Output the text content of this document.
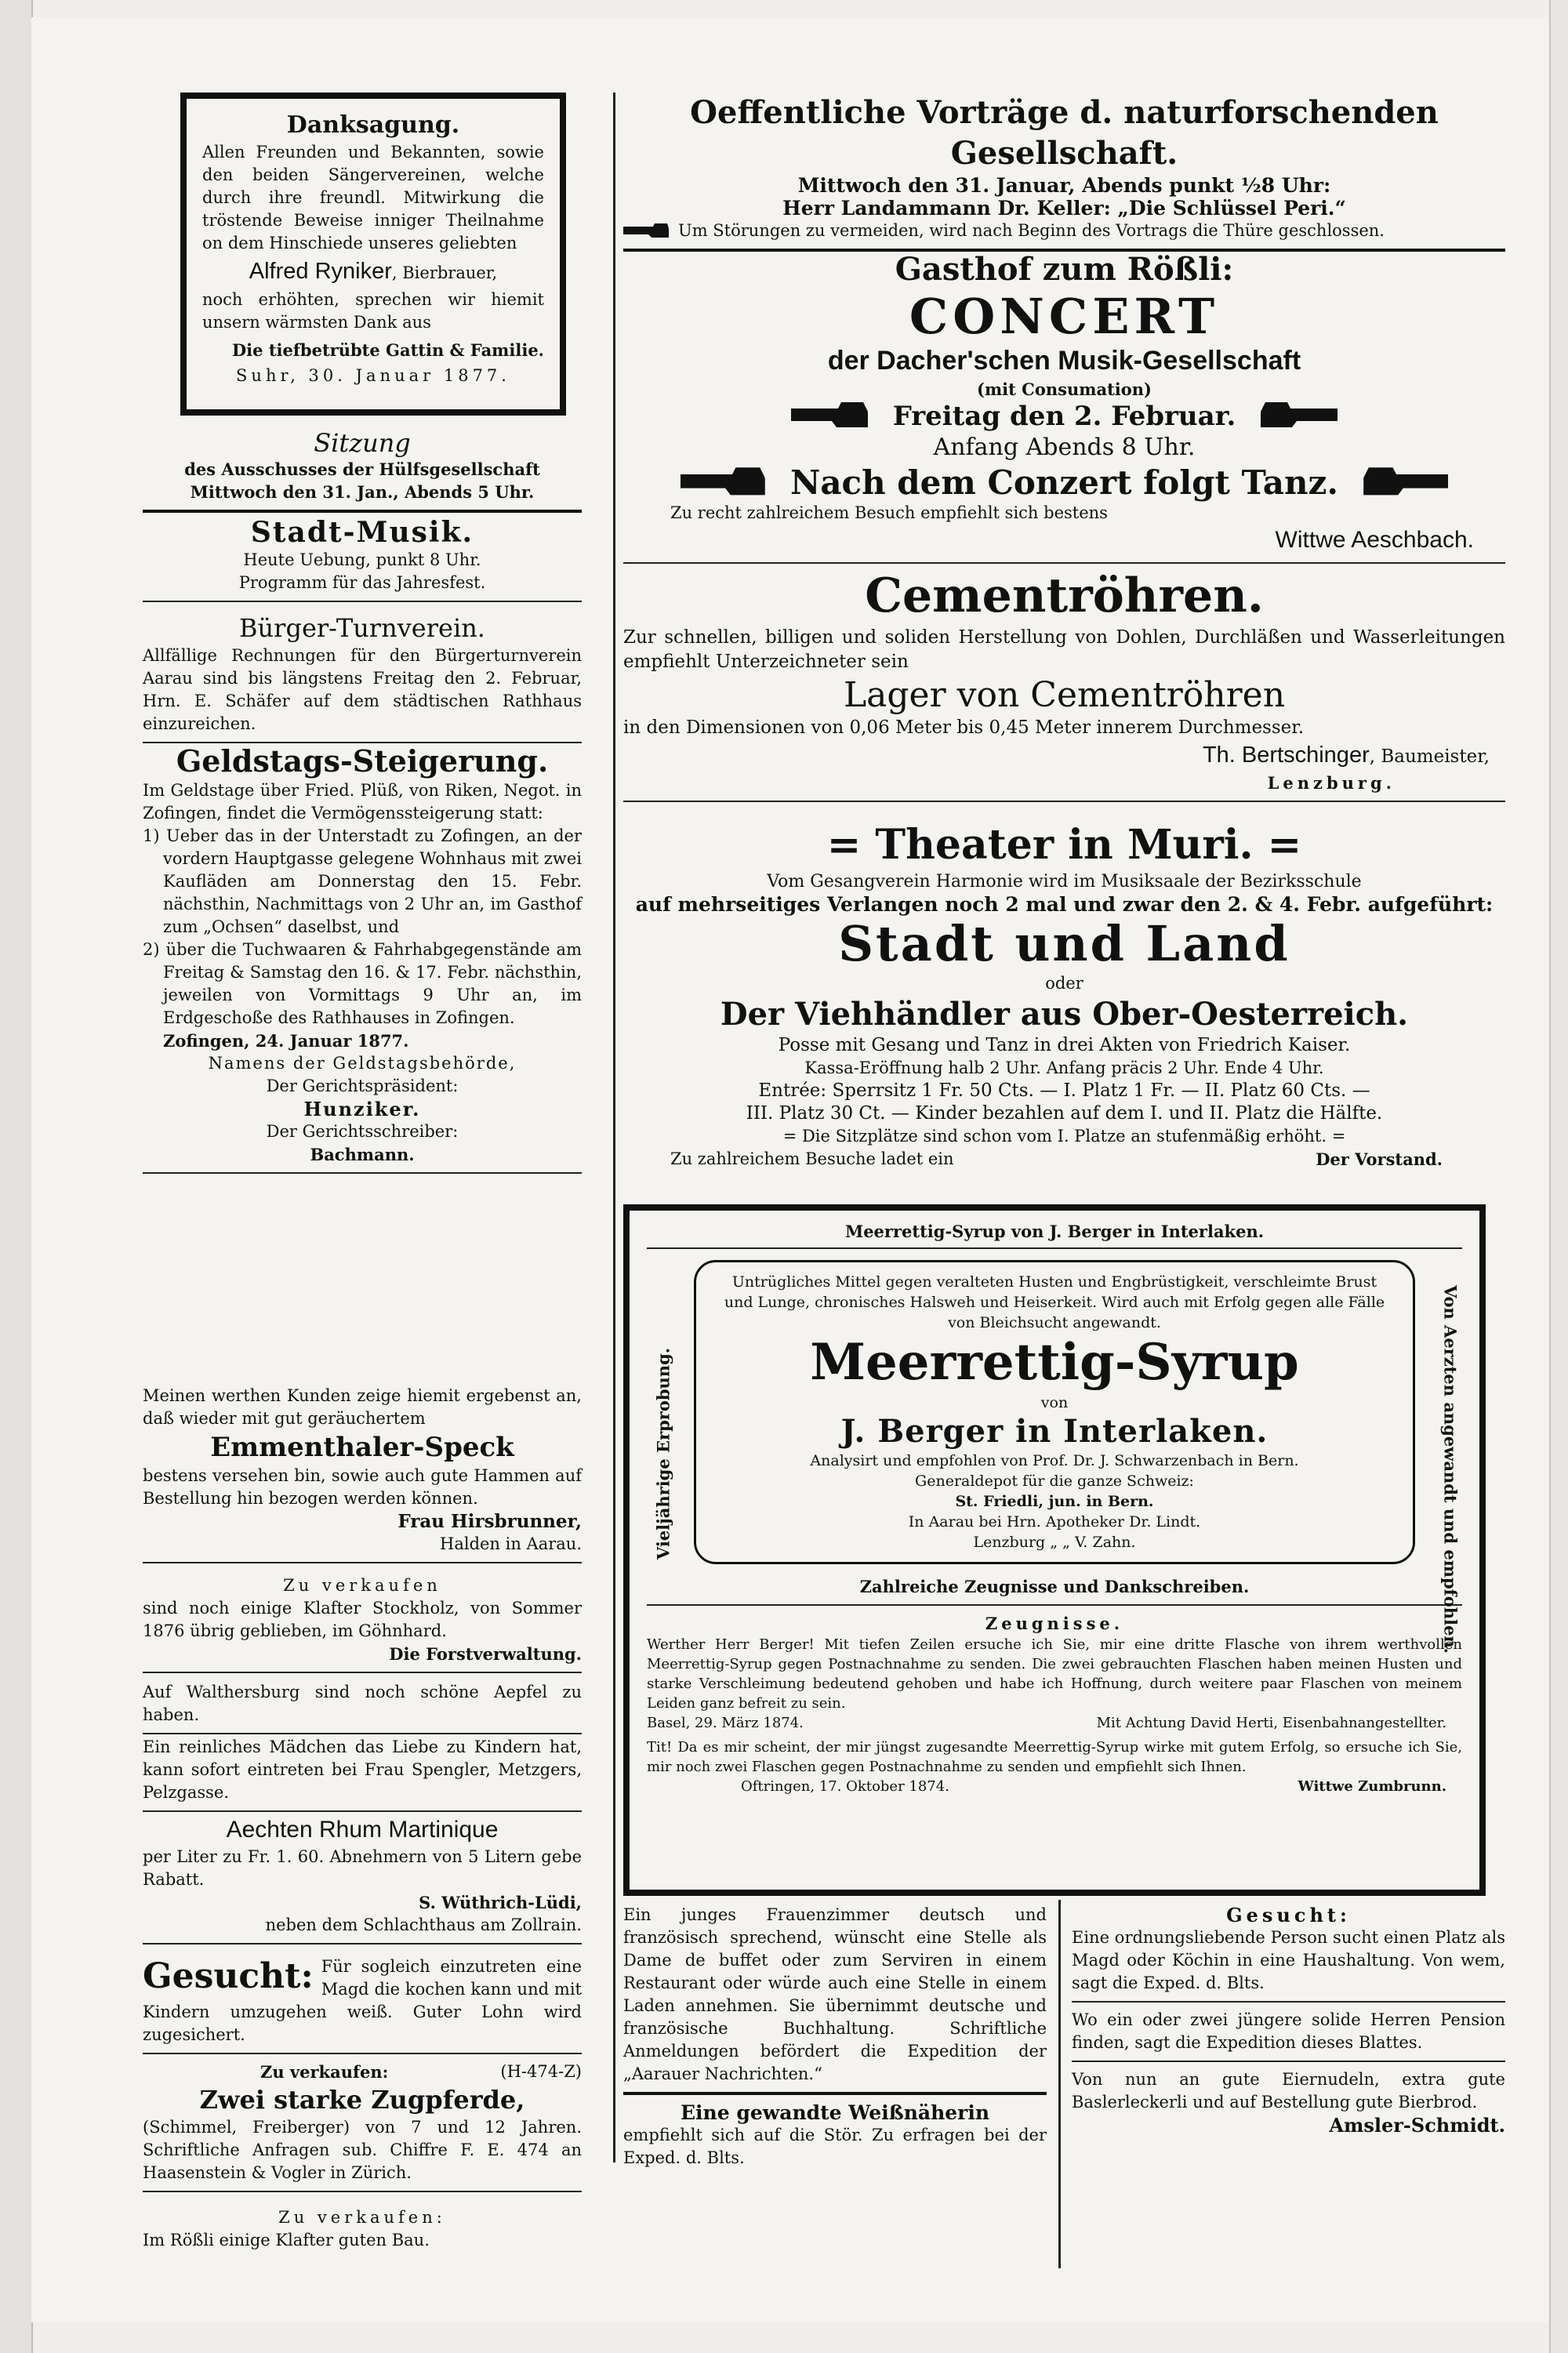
Danksagung.
Allen Freunden und Bekannten, sowie den beiden Sängervereinen, welche durch ihre freundl. Mitwirkung die tröstende Beweise inniger Theilnahme on dem Hinschiede unseres geliebten
Alfred Ryniker, Bierbrauer,
noch erhöhten, sprechen wir hiemit unsern wärmsten Dank aus
Die tiefbetrübte Gattin & Familie.
Suhr, 30. Januar 1877.
Sitzung
des Ausschusses der Hülfsgesellschaft
Mittwoch den 31. Jan., Abends 5 Uhr.
Stadt-Musik.
Heute Uebung, punkt 8 Uhr.
Programm für das Jahresfest.
Bürger-Turnverein.
Allfällige Rechnungen für den Bürgerturnverein Aarau sind bis längstens Freitag den 2. Februar, Hrn. E. Schäfer auf dem städtischen Rathhaus einzureichen.
Geldstags-Steigerung.
Im Geldstage über Fried. Plüß, von Riken, Negot. in Zofingen, findet die Vermögenssteigerung statt:
1) Ueber das in der Unterstadt zu Zofingen, an der vordern Hauptgasse gelegene Wohnhaus mit zwei Kaufläden am Donnerstag den 15. Febr. nächsthin, Nachmittags von 2 Uhr an, im Gasthof zum „Ochsen“ daselbst, und
2) über die Tuchwaaren & Fahrhabgegenstände am Freitag & Samstag den 16. & 17. Febr. nächsthin, jeweilen von Vormittags 9 Uhr an, im Erdgeschoße des Rathhauses in Zofingen.
Zofingen, 24. Januar 1877.
Namens der Geldstagsbehörde,
Der Gerichtspräsident:
Hunziker.
Der Gerichtsschreiber:
Bachmann.
Meinen werthen Kunden zeige hiemit ergebenst an, daß wieder mit gut geräuchertem
Emmenthaler-Speck
bestens versehen bin, sowie auch gute Hammen auf Bestellung hin bezogen werden können.
Frau Hirsbrunner,
Halden in Aarau.
Zu verkaufen
sind noch einige Klafter Stockholz, von Sommer 1876 übrig geblieben, im Göhnhard.
Die Forstverwaltung.
Auf Walthersburg sind noch schöne Aepfel zu haben.
Ein reinliches Mädchen das Liebe zu Kindern hat, kann sofort eintreten bei Frau Spengler, Metzgers, Pelzgasse.
Aechten Rhum Martinique
per Liter zu Fr. 1. 60. Abnehmern von 5 Litern gebe Rabatt.
S. Wüthrich-Lüdi,
neben dem Schlachthaus am Zollrain.
Gesucht: Für sogleich einzutreten eine Magd die kochen kann und mit Kindern umzugehen weiß. Guter Lohn wird zugesichert.
Zu verkaufen:	(H-474-Z)
Zwei starke Zugpferde,
(Schimmel, Freiberger) von 7 und 12 Jahren. Schriftliche Anfragen sub. Chiffre F. E. 474 an Haasenstein & Vogler in Zürich.
Zu verkaufen:
Im Rößli einige Klafter guten Bau.
Oeffentliche Vorträge d. naturforschenden Gesellschaft.
Mittwoch den 31. Januar, Abends punkt ½8 Uhr:
Herr Landammann Dr. Keller: „Die Schlüssel Peri.“
Um Störungen zu vermeiden, wird nach Beginn des Vortrags die Thüre geschlossen.
Gasthof zum Rößli:
CONCERT
der Dacher'schen Musik-Gesellschaft
(mit Consumation)
Freitag den 2. Februar.
Anfang Abends 8 Uhr.
Nach dem Conzert folgt Tanz.
Zu recht zahlreichem Besuch empfiehlt sich bestens
Wittwe Aeschbach.
Cementröhren.
Zur schnellen, billigen und soliden Herstellung von Dohlen, Durchläßen und Wasserleitungen empfiehlt Unterzeichneter sein
Lager von Cementröhren
in den Dimensionen von 0,06 Meter bis 0,45 Meter innerem Durchmesser.
Th. Bertschinger, Baumeister,
Lenzburg.
= Theater in Muri. =
Vom Gesangverein Harmonie wird im Musiksaale der Bezirksschule
auf mehrseitiges Verlangen noch 2 mal und zwar den 2. & 4. Febr. aufgeführt:
Stadt und Land
oder
Der Viehhändler aus Ober-Oesterreich.
Posse mit Gesang und Tanz in drei Akten von Friedrich Kaiser.
Kassa-Eröffnung halb 2 Uhr. Anfang präcis 2 Uhr. Ende 4 Uhr.
Entrée: Sperrsitz 1 Fr. 50 Cts. — I. Platz 1 Fr. — II. Platz 60 Cts. —
III. Platz 30 Ct. — Kinder bezahlen auf dem I. und II. Platz die Hälfte.
= Die Sitzplätze sind schon vom I. Platze an stufenmäßig erhöht. =
Zu zahlreichem Besuche ladet ein	Der Vorstand.
Meerrettig-Syrup von J. Berger in Interlaken.
Vieljährige Erprobung.	Von Aerzten angewandt und empfohlen.
Untrügliches Mittel gegen veralteten Husten und Engbrüstigkeit, verschleimte Brust und Lunge, chronisches Halsweh und Heiserkeit. Wird auch mit Erfolg gegen alle Fälle von Bleichsucht angewandt.
Meerrettig-Syrup
von
J. Berger in Interlaken.
Analysirt und empfohlen von Prof. Dr. J. Schwarzenbach in Bern.
Generaldepot für die ganze Schweiz:
St. Friedli, jun. in Bern.
In Aarau bei Hrn. Apotheker Dr. Lindt.
Lenzburg „ „ V. Zahn.
Zahlreiche Zeugnisse und Dankschreiben.
Zeugnisse.
Werther Herr Berger! Mit tiefen Zeilen ersuche ich Sie, mir eine dritte Flasche von ihrem werthvollen Meerrettig-Syrup gegen Postnachnahme zu senden. Die zwei gebrauchten Flaschen haben meinen Husten und starke Verschleimung bedeutend gehoben und habe ich Hoffnung, durch weitere paar Flaschen von meinem Leiden ganz befreit zu sein.
Basel, 29. März 1874.	Mit Achtung David Herti, Eisenbahnangestellter.
Tit! Da es mir scheint, der mir jüngst zugesandte Meerrettig-Syrup wirke mit gutem Erfolg, so ersuche ich Sie, mir noch zwei Flaschen gegen Postnachnahme zu senden und empfiehlt sich Ihnen.
Oftringen, 17. Oktober 1874.	Wittwe Zumbrunn.
Ein junges Frauenzimmer deutsch und französisch sprechend, wünscht eine Stelle als Dame de buffet oder zum Serviren in einem Restaurant oder würde auch eine Stelle in einem Laden annehmen. Sie übernimmt deutsche und französische Buchhaltung. Schriftliche Anmeldungen befördert die Expedition der „Aarauer Nachrichten.“
Eine gewandte Weißnäherin
empfiehlt sich auf die Stör. Zu erfragen bei der Exped. d. Blts.
Gesucht:
Eine ordnungsliebende Person sucht einen Platz als Magd oder Köchin in eine Haushaltung. Von wem, sagt die Exped. d. Blts.
Wo ein oder zwei jüngere solide Herren Pension finden, sagt die Expedition dieses Blattes.
Von nun an gute Eiernudeln, extra gute Baslerleckerli und auf Bestellung gute Bierbrod.
Amsler-Schmidt.
